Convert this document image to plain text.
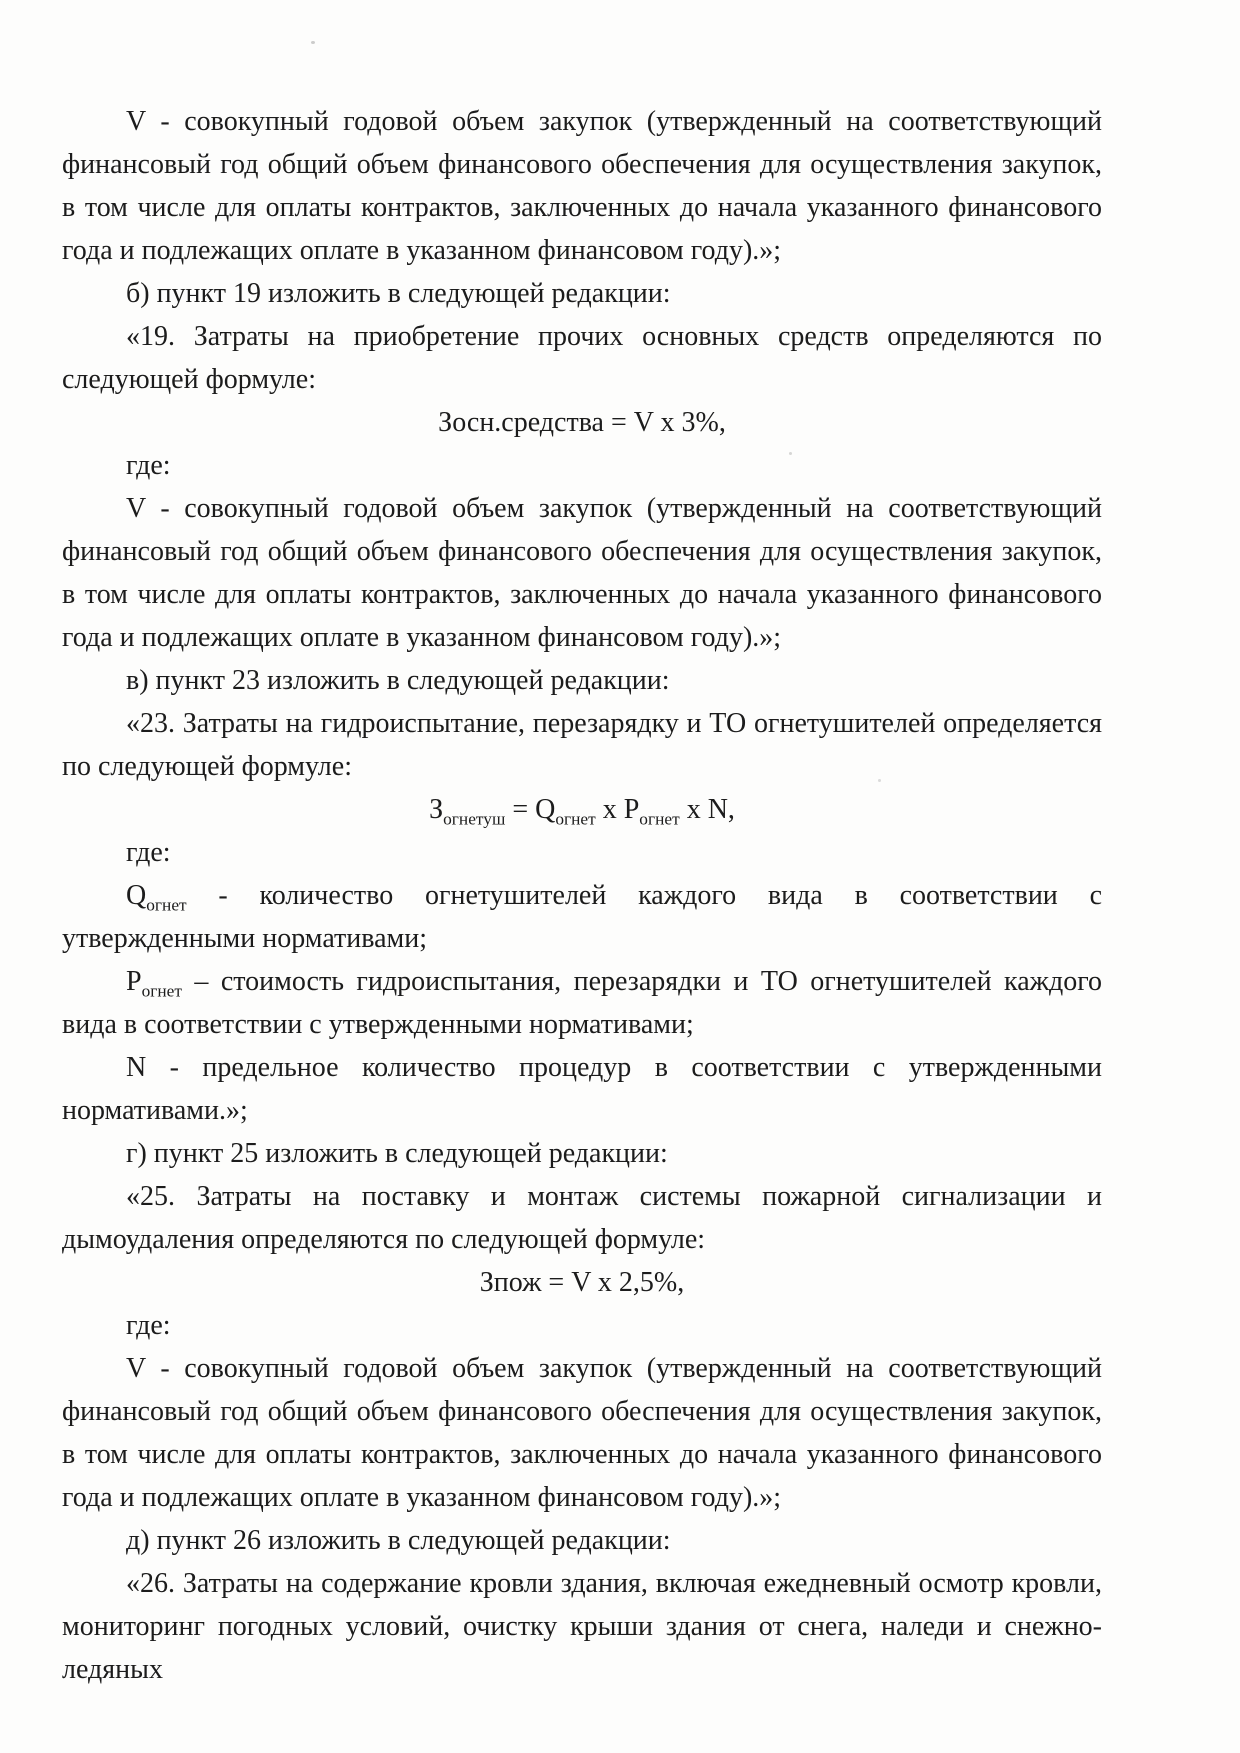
V - совокупный годовой объем закупок (утвержденный на соответствующий финансовый год общий объем финансового обеспечения для осуществления закупок, в том числе для оплаты контрактов, заключенных до начала указанного финансового года и подлежащих оплате в указанном финансовом году).»;

б) пункт 19 изложить в следующей редакции:

«19. Затраты на приобретение прочих основных средств определяются по следующей формуле:

Зосн.средства = V х 3%,

где:

V - совокупный годовой объем закупок (утвержденный на соответствующий финансовый год общий объем финансового обеспечения для осуществления закупок, в том числе для оплаты контрактов, заключенных до начала указанного финансового года и подлежащих оплате в указанном финансовом году).»;

в) пункт 23 изложить в следующей редакции:

«23. Затраты на гидроиспытание, перезарядку и ТО огнетушителей определяется по следующей формуле:

$З_{огнетуш} = Q_{огнет}$ х $Р_{огнет}$ х N,

где:

$Q_{огнет}$ - количество огнетушителей каждого вида в соответствии с утвержденными нормативами;

$Р_{огнет}$ – стоимость гидроиспытания, перезарядки и ТО огнетушителей каждого вида в соответствии с утвержденными нормативами;

N - предельное количество процедур в соответствии с утвержденными нормативами.»;

г) пункт 25 изложить в следующей редакции:

«25. Затраты на поставку и монтаж системы пожарной сигнализации и дымоудаления определяются по следующей формуле:

Зпож = V х 2,5%,

где:

V - совокупный годовой объем закупок (утвержденный на соответствующий финансовый год общий объем финансового обеспечения для осуществления закупок, в том числе для оплаты контрактов, заключенных до начала указанного финансового года и подлежащих оплате в указанном финансовом году).»;

д) пункт 26 изложить в следующей редакции:

«26. Затраты на содержание кровли здания, включая ежедневный осмотр кровли, мониторинг погодных условий, очистку крыши здания от снега, наледи и снежно-ледяных
